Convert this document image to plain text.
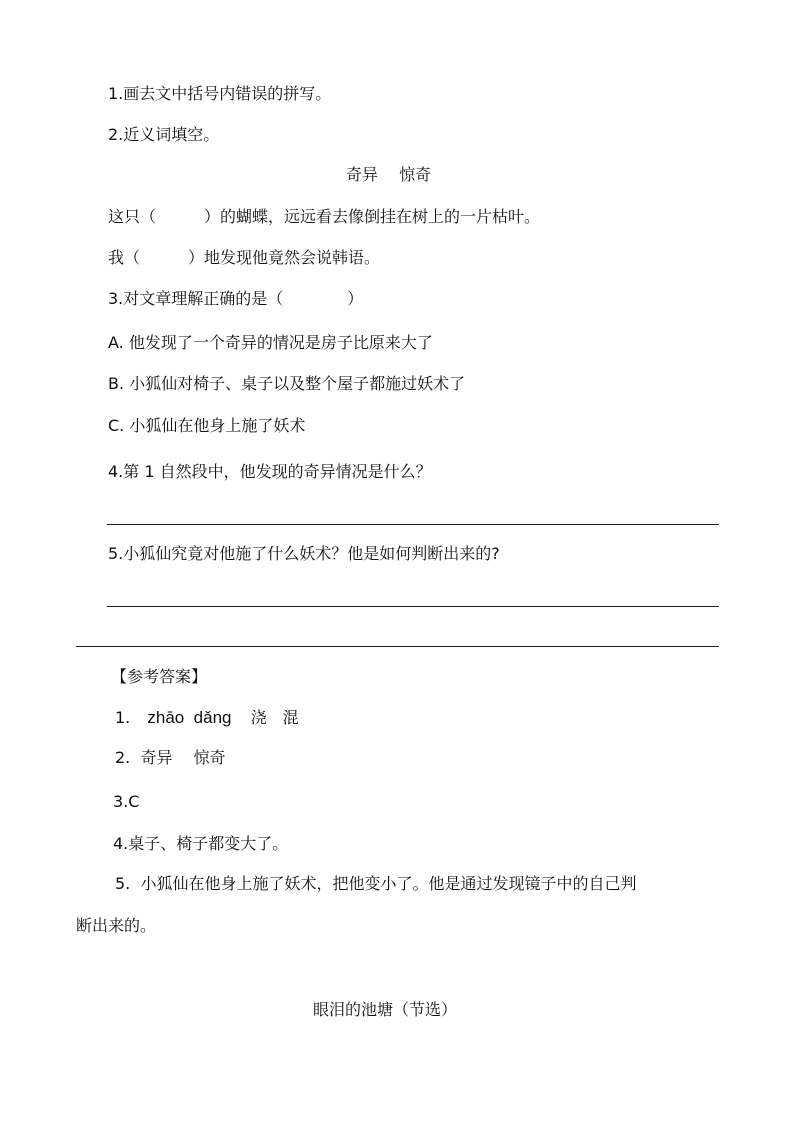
1.画去文中括号内错误的拼写。
2.近义词填空。
奇异　 惊奇
这只（　　　）的蝴蝶，远远看去像倒挂在树上的一片枯叶。
我（　　　）地发现他竟然会说韩语。
3.对文章理解正确的是（　　　　）
A. 他发现了一个奇异的情况是房子比原来大了
B. 小狐仙对椅子、桌子以及整个屋子都施过妖术了
C. 小狐仙在他身上施了妖术
4.第 1 自然段中，他发现的奇异情况是什么？
5.小狐仙究竟对他施了什么妖术？他是如何判断出来的?
【参考答案】
1. zhāo  dǎng 浇　混
2.  奇异　 惊奇
3.C
4.桌子、椅子都变大了。
5.  小狐仙在他身上施了妖术，把他变小了。他是通过发现镜子中的自己判
断出来的。
眼泪的池塘（节选）
